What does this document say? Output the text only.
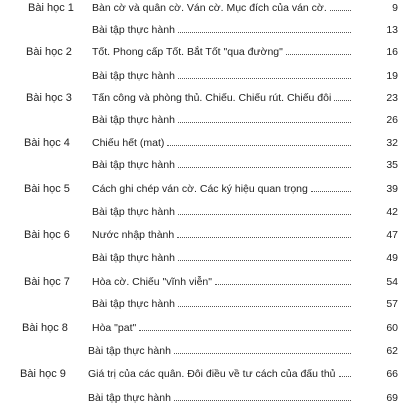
Bài học 1 Bàn cờ và quân cờ. Ván cờ. Mục đích của ván cờ.	9
Bài tập thực hành	13
Bài học 2 Tốt. Phong cấp Tốt. Bắt Tốt "qua đường"	16
Bài tập thực hành	19
Bài học 3 Tấn công và phòng thủ. Chiếu. Chiếu rút. Chiếu đôi	23
Bài tập thực hành	26
Bài học 4 Chiếu hết (mat)	32
Bài tập thực hành	35
Bài học 5 Cách ghi chép ván cờ. Các ký hiệu quan trọng	39
Bài tập thực hành	42
Bài học 6 Nước nhập thành	47
Bài tập thực hành	49
Bài học 7 Hòa cờ. Chiếu "vĩnh viễn"	54
Bài tập thực hành	57
Bài học 8 Hòa "pat"	60
Bài tập thực hành	62
Bài học 9 Giá trị của các quân. Đôi điều về tư cách của đấu thủ	66
Bài tập thực hành	69
